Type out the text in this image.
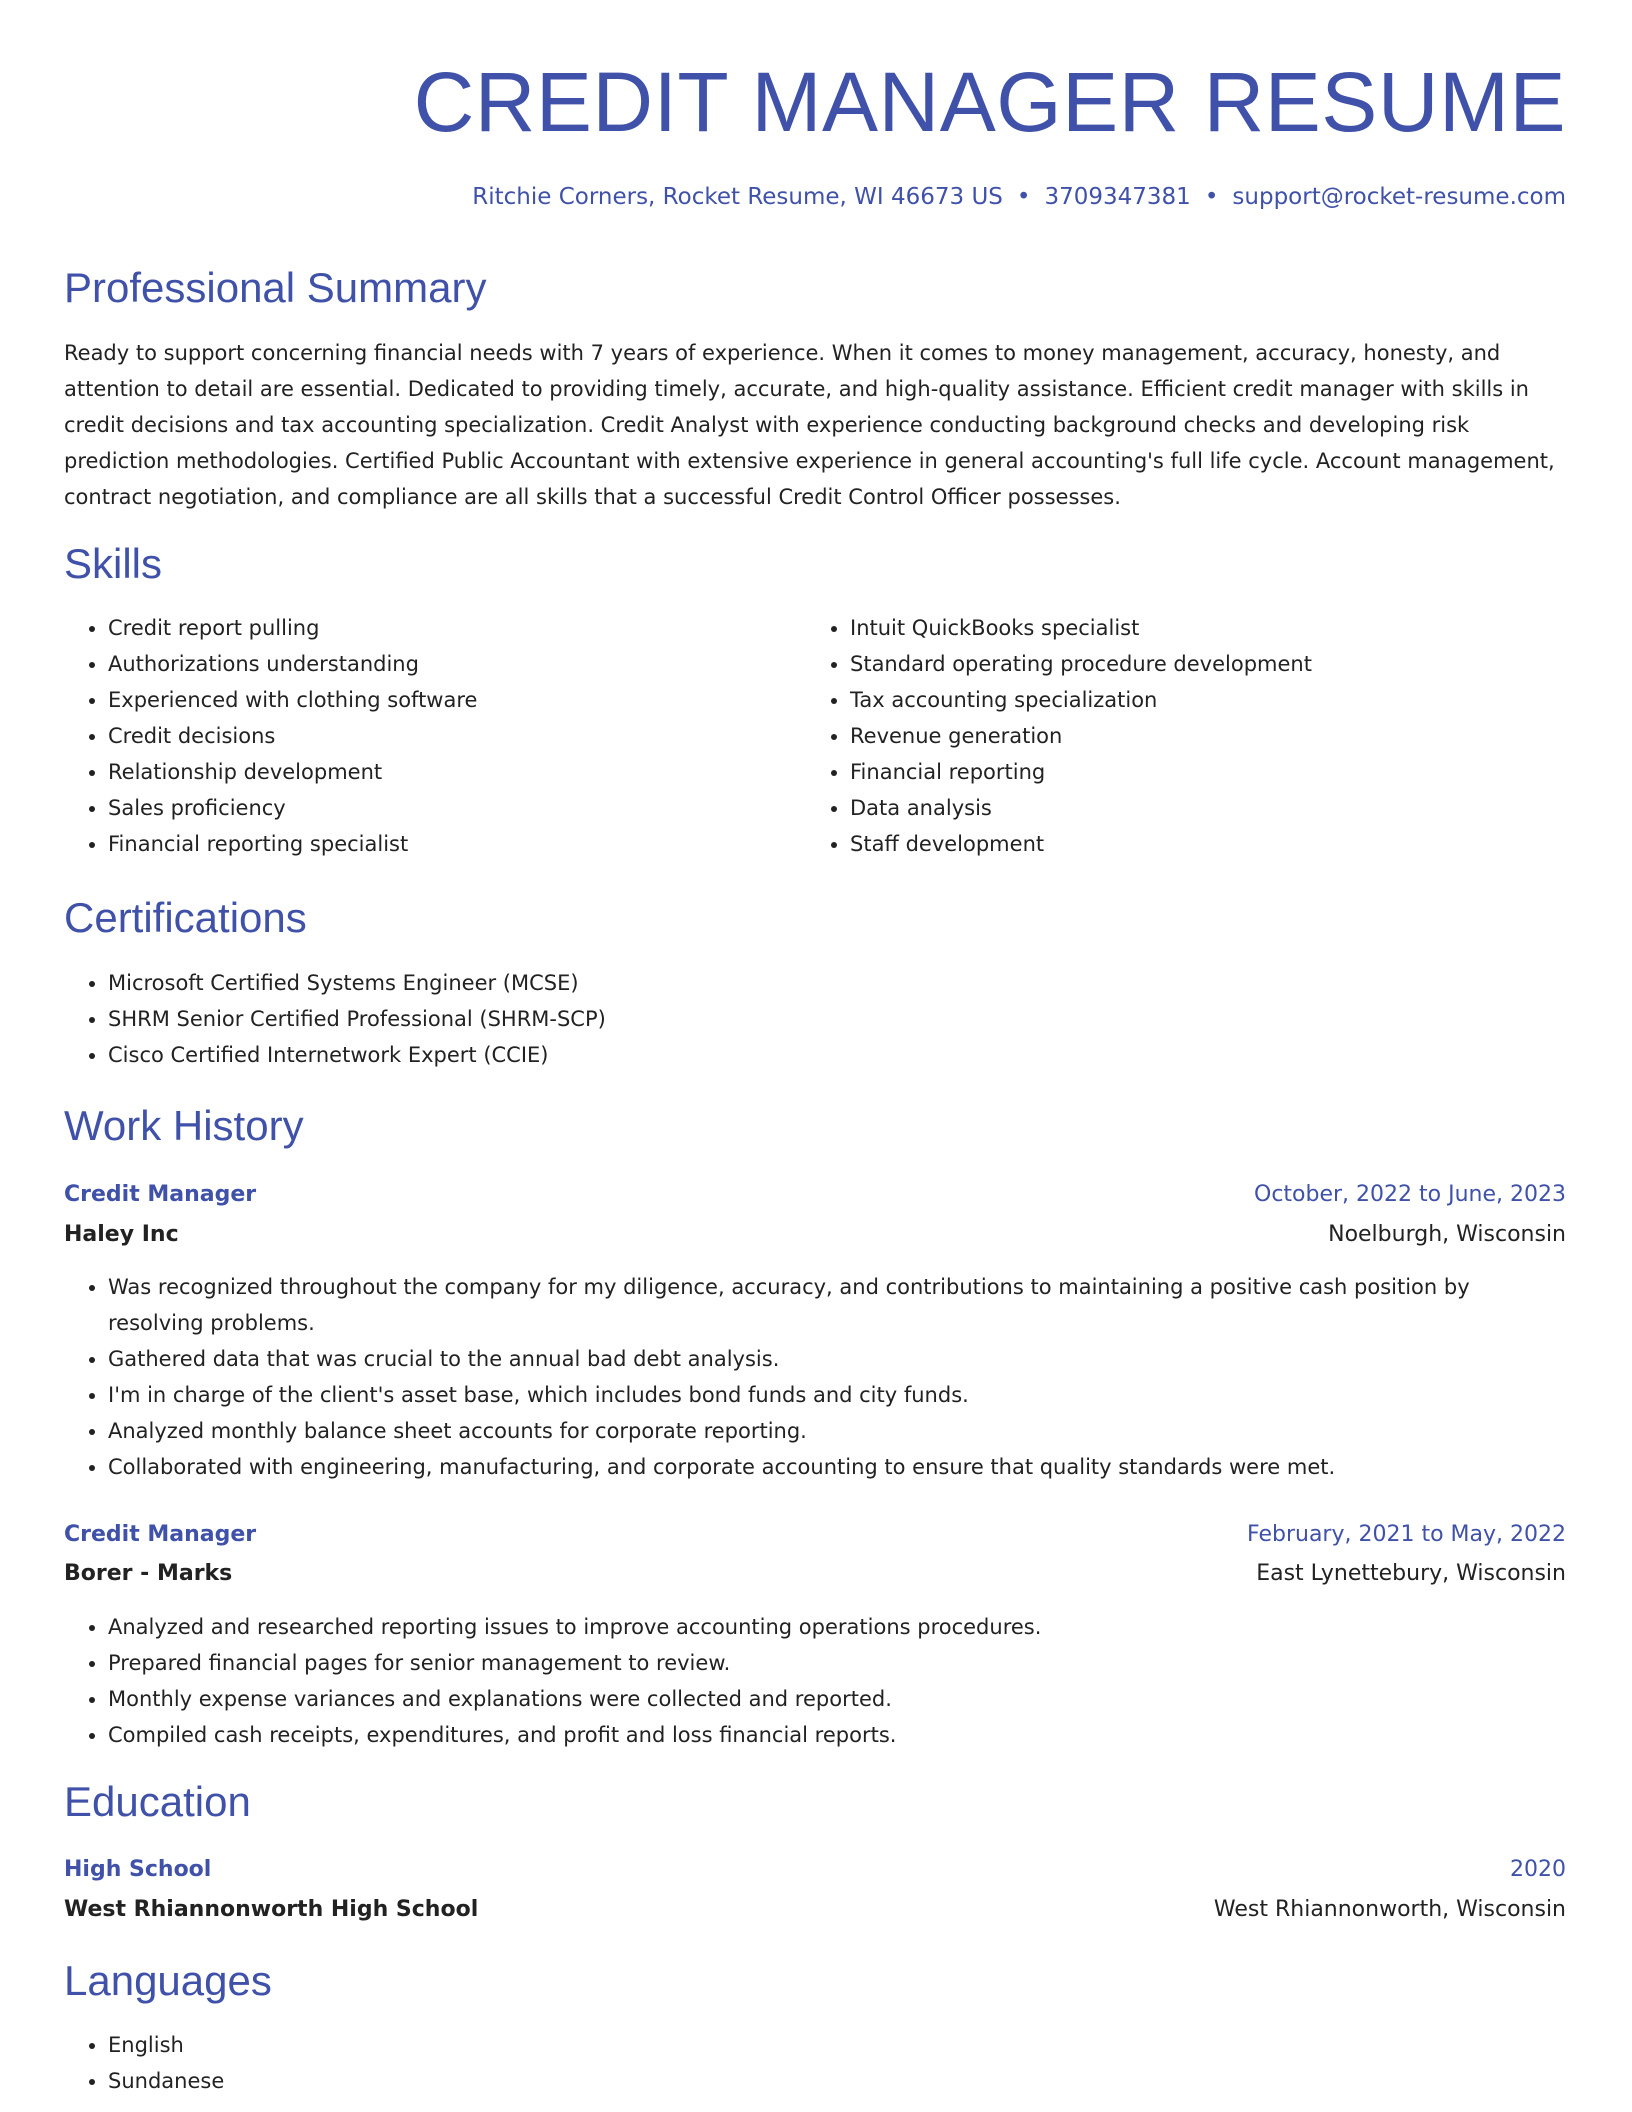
CREDIT MANAGER RESUME
Ritchie Corners, Rocket Resume, WI 46673 US • 3709347381 • support@rocket-resume.com
Professional Summary

Ready to support concerning financial needs with 7 years of experience. When it comes to money management, accuracy, honesty, and attention to detail are essential. Dedicated to providing timely, accurate, and high-quality assistance. Efficient credit manager with skills in credit decisions and tax accounting specialization. Credit Analyst with experience conducting background checks and developing risk prediction methodologies. Certified Public Accountant with extensive experience in general accounting's full life cycle. Account management, contract negotiation, and compliance are all skills that a successful Credit Control Officer possesses.

Skills
• Credit report pulling
• Authorizations understanding
• Experienced with clothing software
• Credit decisions
• Relationship development
• Sales proficiency
• Financial reporting specialist
• Intuit QuickBooks specialist
• Standard operating procedure development
• Tax accounting specialization
• Revenue generation
• Financial reporting
• Data analysis
• Staff development
Certifications
• Microsoft Certified Systems Engineer (MCSE)
• SHRM Senior Certified Professional (SHRM-SCP)
• Cisco Certified Internetwork Expert (CCIE)
Work History
Credit Manager	October, 2022 to June, 2023
Haley Inc	Noelburgh, Wisconsin
• Was recognized throughout the company for my diligence, accuracy, and contributions to maintaining a positive cash position by resolving problems.
• Gathered data that was crucial to the annual bad debt analysis.
• I'm in charge of the client's asset base, which includes bond funds and city funds.
• Analyzed monthly balance sheet accounts for corporate reporting.
• Collaborated with engineering, manufacturing, and corporate accounting to ensure that quality standards were met.
Credit Manager	February, 2021 to May, 2022
Borer - Marks	East Lynettebury, Wisconsin
• Analyzed and researched reporting issues to improve accounting operations procedures.
• Prepared financial pages for senior management to review.
• Monthly expense variances and explanations were collected and reported.
• Compiled cash receipts, expenditures, and profit and loss financial reports.
Education
High School	2020
West Rhiannonworth High School	West Rhiannonworth, Wisconsin
Languages
• English
• Sundanese
